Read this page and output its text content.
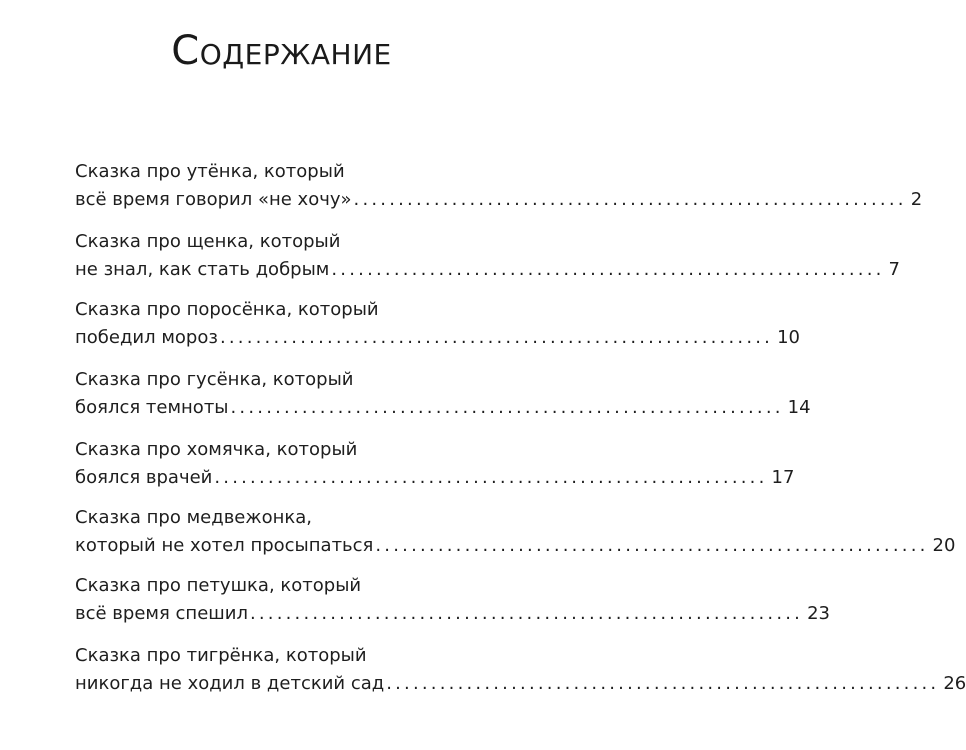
Содержание
Сказка про утёнка, который
всё время говорил «не хочу» .............................................................. 2
Сказка про щенка, который
не знал, как стать добрым .............................................................. 7
Сказка про поросёнка, который
победил мороз .............................................................. 10
Сказка про гусёнка, который
боялся темноты .............................................................. 14
Сказка про хомячка, который
боялся врачей .............................................................. 17
Сказка про медвежонка,
который не хотел просыпаться .............................................................. 20
Сказка про петушка, который
всё время спешил .............................................................. 23
Сказка про тигрёнка, который
никогда не ходил в детский сад .............................................................. 26
